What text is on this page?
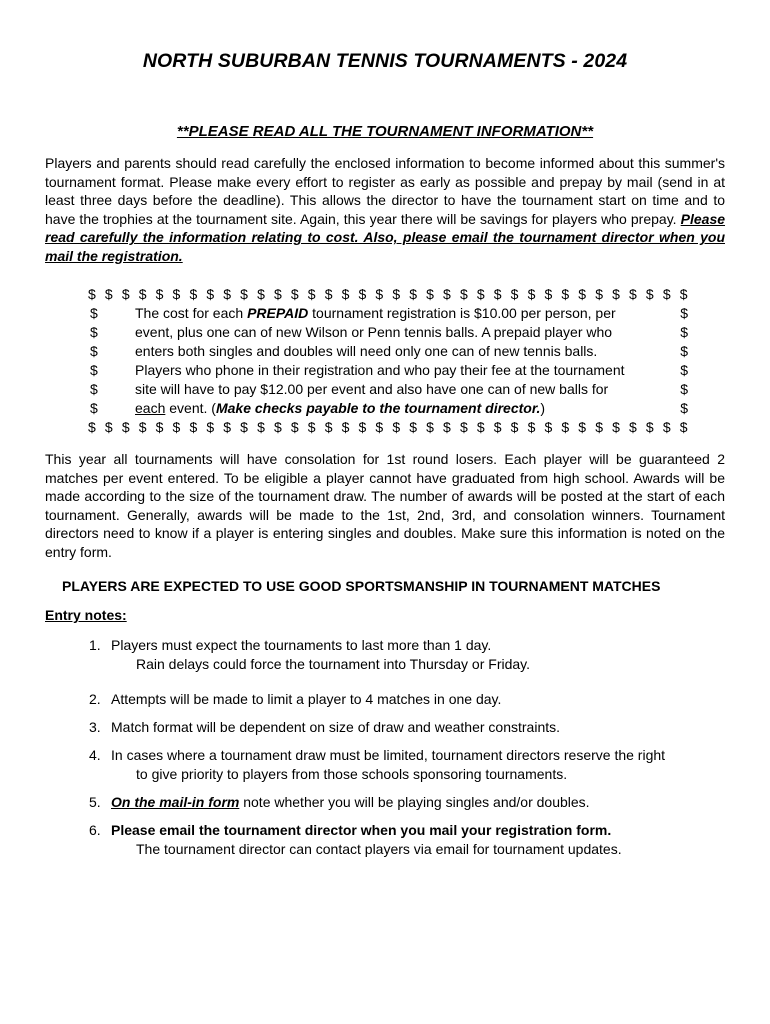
NORTH SUBURBAN TENNIS TOURNAMENTS - 2024
**PLEASE READ ALL THE TOURNAMENT INFORMATION**
Players and parents should read carefully the enclosed information to become informed about this summer's tournament format. Please make every effort to register as early as possible and prepay by mail (send in at least three days before the deadline). This allows the director to have the tournament start on time and to have the trophies at the tournament site. Again, this year there will be savings for players who prepay. Please read carefully the information relating to cost. Also, please email the tournament director when you mail the registration.
$ $ $ $ $ $ $ $ $ $ $ $ $ $ $ $ $ $ $ $ $ $ $ $ $ $ $ $ $ $ $ $ $ $ $ $
$	The cost for each PREPAID tournament registration is $10.00 per person, per	$
$	event, plus one can of new Wilson or Penn tennis balls. A prepaid player who	$
$	enters both singles and doubles will need only one can of new tennis balls.	$
$	Players who phone in their registration and who pay their fee at the tournament	$
$	site will have to pay $12.00 per event and also have one can of new balls for	$
$	each event. (Make checks payable to the tournament director.)	$
$ $ $ $ $ $ $ $ $ $ $ $ $ $ $ $ $ $ $ $ $ $ $ $ $ $ $ $ $ $ $ $ $ $ $ $
This year all tournaments will have consolation for 1st round losers. Each player will be guaranteed 2 matches per event entered. To be eligible a player cannot have graduated from high school. Awards will be made according to the size of the tournament draw. The number of awards will be posted at the start of each tournament. Generally, awards will be made to the 1st, 2nd, 3rd, and consolation winners. Tournament directors need to know if a player is entering singles and doubles. Make sure this information is noted on the entry form.
PLAYERS ARE EXPECTED TO USE GOOD SPORTSMANSHIP IN TOURNAMENT MATCHES
Entry notes:
1. Players must expect the tournaments to last more than 1 day.
Rain delays could force the tournament into Thursday or Friday.
2. Attempts will be made to limit a player to 4 matches in one day.
3. Match format will be dependent on size of draw and weather constraints.
4. In cases where a tournament draw must be limited, tournament directors reserve the right
to give priority to players from those schools sponsoring tournaments.
5. On the mail-in form note whether you will be playing singles and/or doubles.
6. Please email the tournament director when you mail your registration form.
The tournament director can contact players via email for tournament updates.
